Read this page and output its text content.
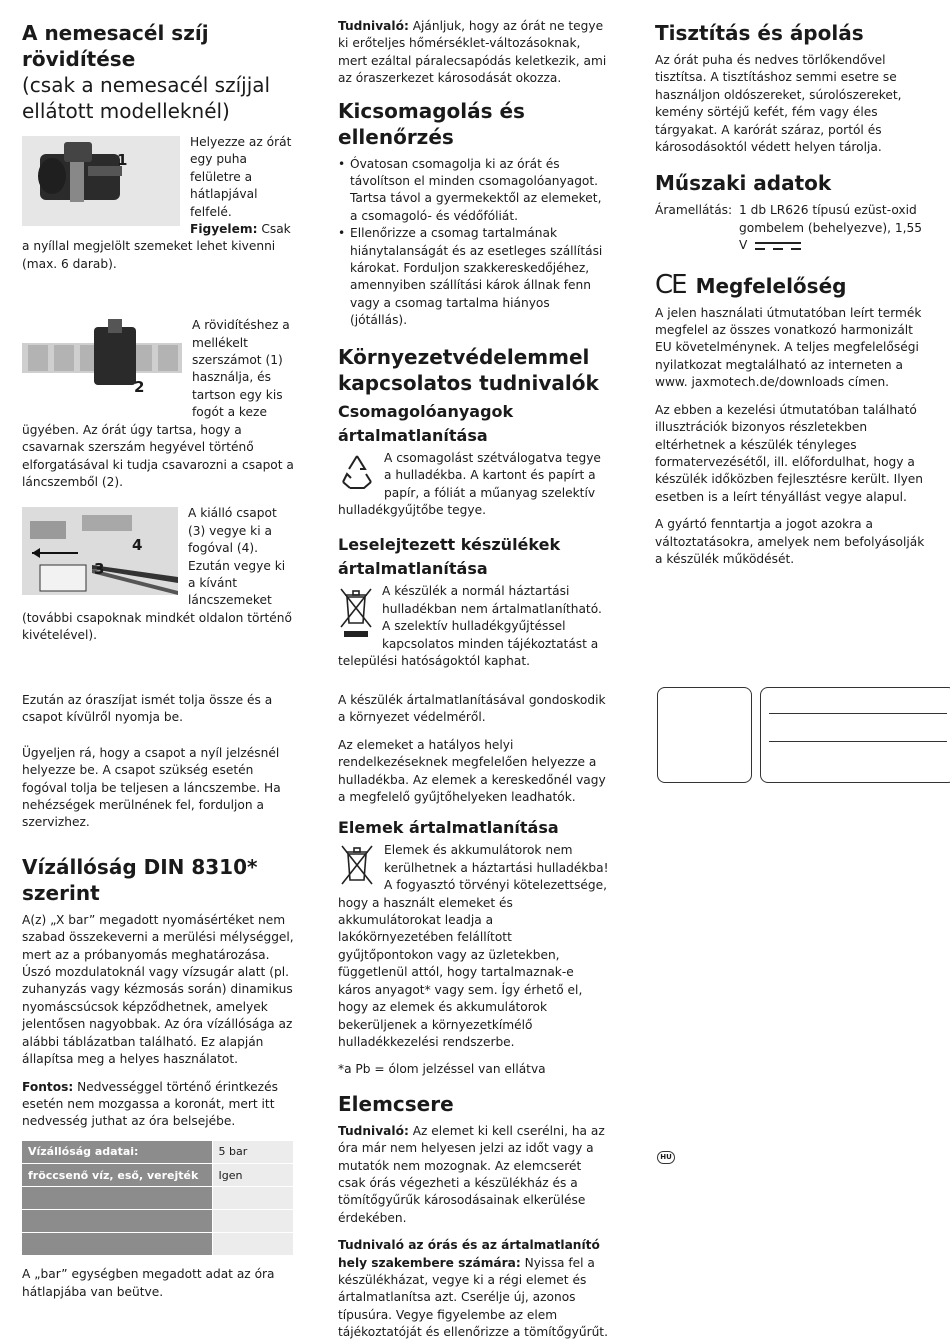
A nemesacél szíj rövidítése
(csak a nemesacél szíjjal ellátott modelleknél)
1

Helyezze az órát egy puha felületre a hátlapjával felfelé.
Figyelem: Csak a nyíllal megjelölt szemeket lehet kivenni (max. 6 darab).

2

A rövidítéshez a mellékelt szerszámot (1) használja, és tartson egy kis fogót a keze ügyében. Az órát úgy tartsa, hogy a csavarnak szerszám hegyével történő elforgatásával ki tudja csavarozni a csapot a láncszemből (2).

4
3

A kiálló csapot (3) vegye ki a fogóval (4). Ezután vegye ki a kívánt láncszemeket (további csapoknak mindkét oldalon történő kivételével).

Ezután az óraszíjat ismét tolja össze és a csapot kívülről nyomja be.

Ügyeljen rá, hogy a csapot a nyíl jelzésnél helyezze be. A csapot szükség esetén fogóval tolja be teljesen a láncszembe. Ha nehézségek merülnének fel, forduljon a szervizhez.

Vízállóság DIN 8310* szerint

A(z) „X bar” megadott nyomásértéket nem szabad összekeverni a merülési mélységgel, mert az a próbanyomás meghatározása. Úszó mozdulatoknál vagy vízsugár alatt (pl. zuhanyzás vagy kézmosás során) dinamikus nyomáscsúcsok képződhetnek, amelyek jelentősen nagyobbak. Az óra vízállósága az alábbi táblázatban található. Ez alapján állapítsa meg a helyes használatot.

Fontos: Nedvességgel történő érintkezés esetén nem mozgassa a koronát, mert itt nedvesség juthat az óra belsejébe.

Vízállóság adatai:	5 bar
fröccsenő víz, eső, verejték	Igen

A „bar” egységben megadott adat az óra hátlapjába van beütve.

Tudnivaló: Ajánljuk, hogy az órát ne tegye ki erőteljes hőmérséklet-változásoknak, mert ezáltal páralecsapódás keletkezik, ami az óraszerkezet károsodását okozza.

Kicsomagolás és ellenőrzés
• Óvatosan csomagolja ki az órát és távolítson el minden csomagolóanyagot. Tartsa távol a gyermekektől az elemeket, a csomagoló- és védőfóliát.
• Ellenőrizze a csomag tartalmának hiánytalanságát és az esetleges szállítási károkat. Forduljon szakkereskedőjéhez, amennyiben szállítási károk állnak fenn vagy a csomag tartalma hiányos (jótállás).
Környezetvédelemmel kapcsolatos tudnivalók
Csomagolóanyagok ártalmatlanítása

A csomagolást szétválogatva tegye a hulladékba. A kartont és papírt a papír, a fóliát a műanyag szelektív hulladékgyűjtőbe tegye.

Leselejtezett készülékek ártalmatlanítása

A készülék a normál háztartási hulladékban nem ártalmatlanítható. A szelektív hulladékgyűjtéssel kapcsolatos minden tájékoztatást a települési hatóságoktól kaphat.

A készülék ártalmatlanításával gondoskodik a környezet védelméről.

Az elemeket a hatályos helyi rendelkezéseknek megfelelően helyezze a hulladékba. Az elemek a kereskedőnél vagy a megfelelő gyűjtőhelyeken leadhatók.

Elemek ártalmatlanítása

Elemek és akkumulátorok nem kerülhetnek a háztartási hulladékba! A fogyasztó törvényi kötelezettsége, hogy a használt elemeket és akkumulátorokat leadja a lakókörnyezetében felállított gyűjtőpontokon vagy az üzletekben, függetlenül attól, hogy tartalmaznak-e káros anyagot* vagy sem. Így érhető el, hogy az elemek és akkumulátorok bekerüljenek a környezetkímélő hulladékkezelési rendszerbe.

*a Pb = ólom jelzéssel van ellátva

Elemcsere

Tudnivaló: Az elemet ki kell cserélni, ha az óra már nem helyesen jelzi az időt vagy a mutatók nem mozognak. Az elemcserét csak órás végezheti a készülékház és a tömítőgyűrűk károsodásainak elkerülése érdekében.

Tudnivaló az órás és az ártalmatlanító hely szakembere számára: Nyissa fel a készülékházat, vegye ki a régi elemet és ártalmatlanítsa azt. Cserélje új, azonos típusúra. Vegye figyelembe az elem tájékoztatóját és ellenőrizze a tömítőgyűrűt.

Tisztítás és ápolás

Az órát puha és nedves törlőkendővel tisztítsa. A tisztításhoz semmi esetre se használjon oldószereket, súrolószereket, kemény sörtéjű kefét, fém vagy éles tárgyakat. A karórát száraz, portól és károsodásoktól védett helyen tárolja.

Műszaki adatok
Áramellátás: 1 db LR626 típusú ezüst-oxid gombelem (behelyezve), 1,55 V
CE Megfelelőség

A jelen használati útmutatóban leírt termék megfelel az összes vonatkozó harmonizált EU követelménynek. A teljes megfelelőségi nyilatkozat megtalálható az interneten a www. jaxmotech.de/downloads címen.

Az ebben a kezelési útmutatóban található illusztrációk bizonyos részletekben eltérhetnek a készülék tényleges formatervezésétől, ill. előfordulhat, hogy a készülék időközben fejlesztésre került. Ilyen esetben is a leírt tényállást vegye alapul.

A gyártó fenntartja a jogot azokra a változtatásokra, amelyek nem befolyásolják a készülék működését.

HU
